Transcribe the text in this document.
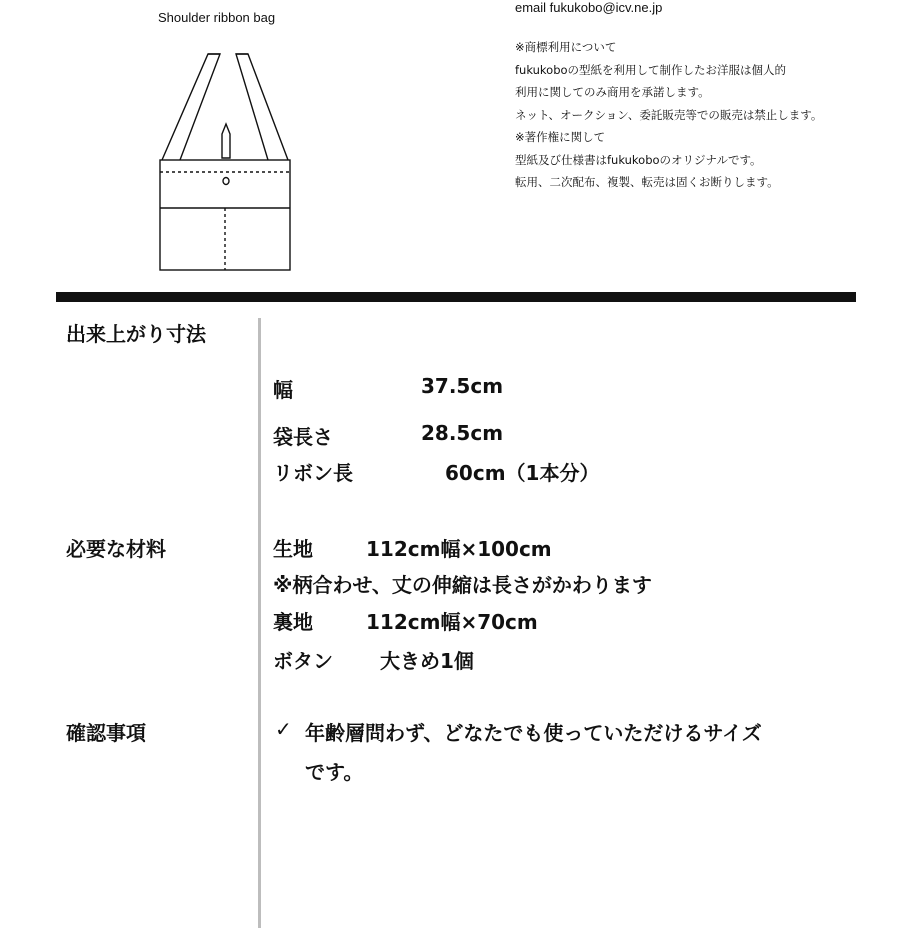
Shoulder ribbon bag
email fukukobo@icv.ne.jp
※商標利用について
fukukoboの型紙を利用して制作したお洋服は個人的
利用に関してのみ商用を承諾します。
ネット、オークション、委託販売等での販売は禁止します。
※著作権に関して
型紙及び仕様書はfukukoboのオリジナルです。
転用、二次配布、複製、転売は固くお断りします。
出来上がり寸法
幅	37.5cm
袋長さ	28.5cm
リボン長	60cm（1本分）
必要な材料	生地	112cm幅×100cm
※柄合わせ、丈の伸縮は長さがかわります
裏地	112cm幅×70cm
ボタン 大きめ1個
確認事項	✓ 年齢層問わず、どなたでも使っていただけるサイズ
です。
